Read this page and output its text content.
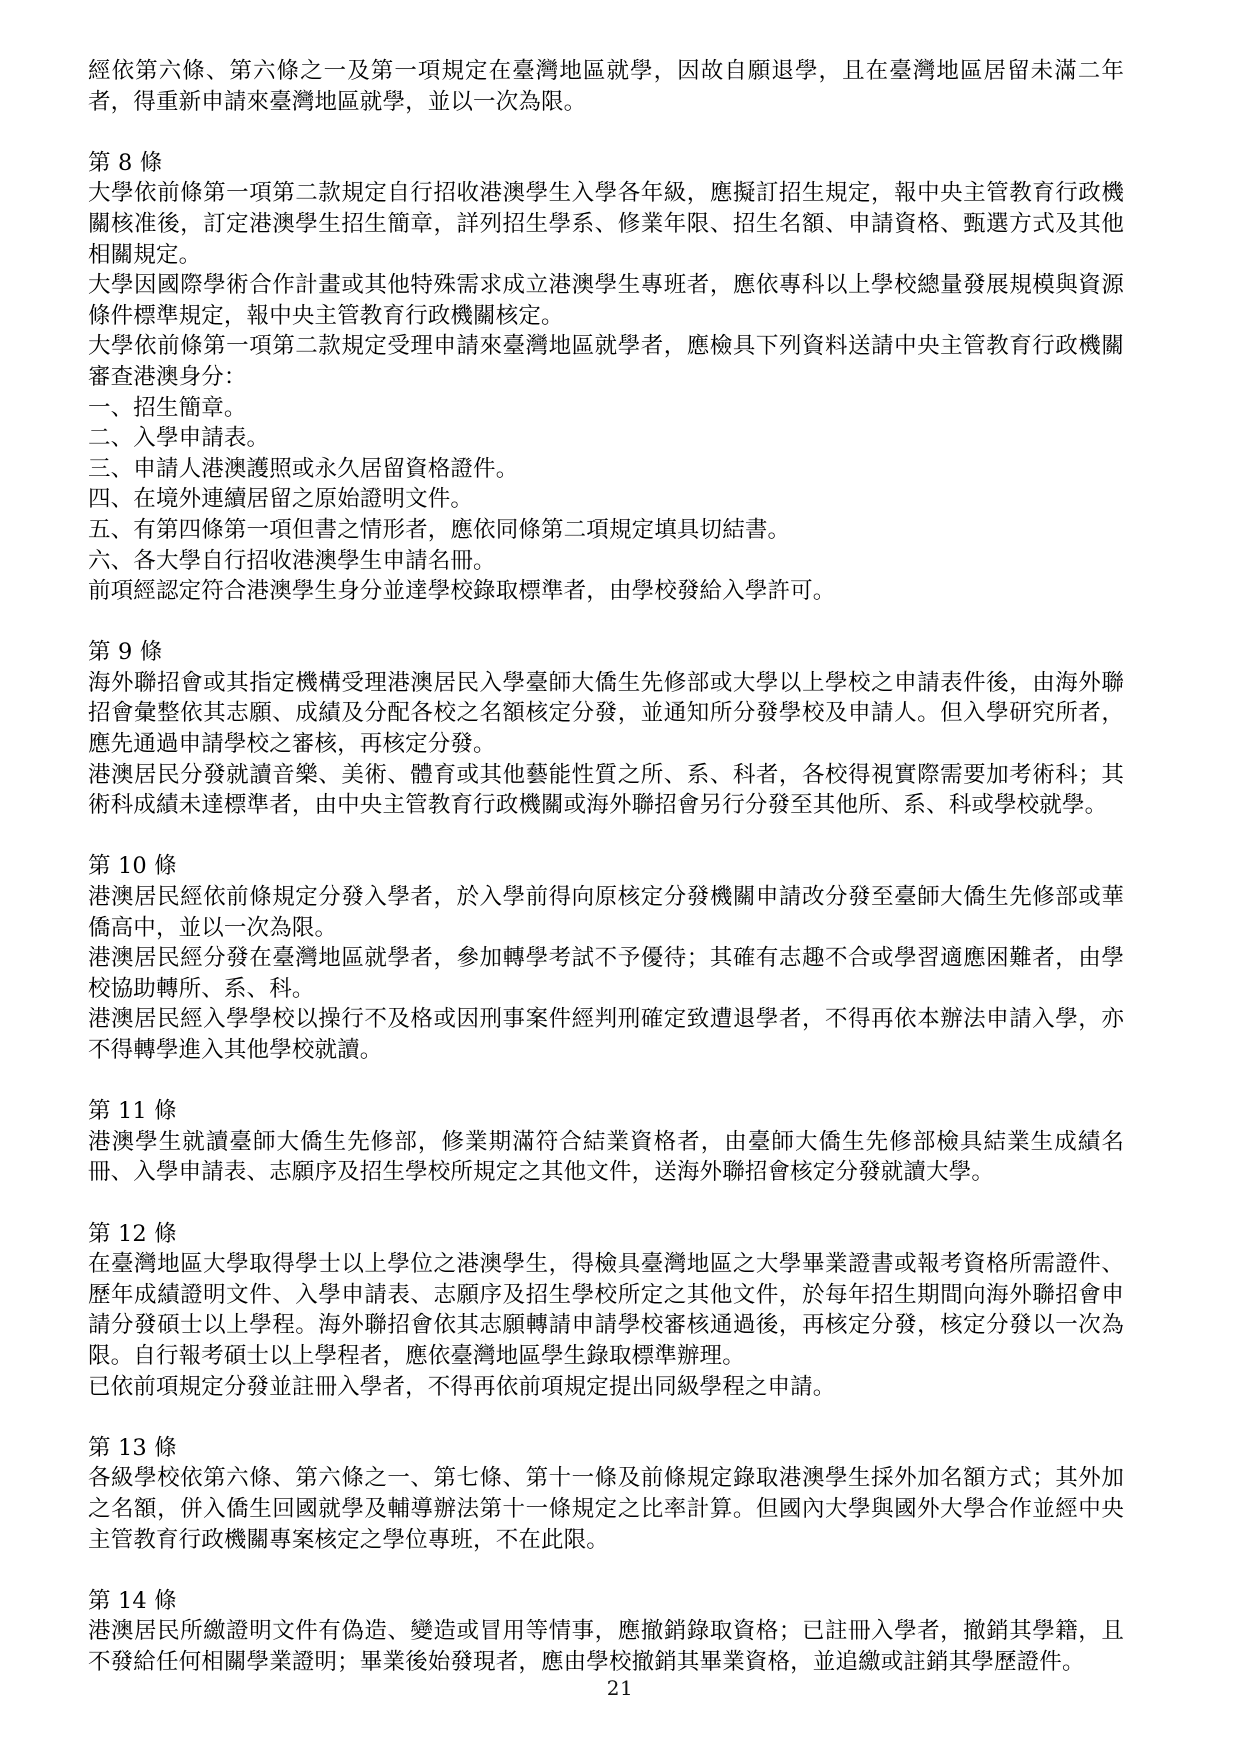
經依第六條、第六條之一及第一項規定在臺灣地區就學，因故自願退學，且在臺灣地區居留未滿二年者，得重新申請來臺灣地區就學，並以一次為限。

第 8 條

大學依前條第一項第二款規定自行招收港澳學生入學各年級，應擬訂招生規定，報中央主管教育行政機關核准後，訂定港澳學生招生簡章，詳列招生學系、修業年限、招生名額、申請資格、甄選方式及其他相關規定。

大學因國際學術合作計畫或其他特殊需求成立港澳學生專班者，應依專科以上學校總量發展規模與資源條件標準規定，報中央主管教育行政機關核定。

大學依前條第一項第二款規定受理申請來臺灣地區就學者，應檢具下列資料送請中央主管教育行政機關審查港澳身分：

一、招生簡章。

二、入學申請表。

三、申請人港澳護照或永久居留資格證件。

四、在境外連續居留之原始證明文件。

五、有第四條第一項但書之情形者，應依同條第二項規定填具切結書。

六、各大學自行招收港澳學生申請名冊。

前項經認定符合港澳學生身分並達學校錄取標準者，由學校發給入學許可。

第 9 條

海外聯招會或其指定機構受理港澳居民入學臺師大僑生先修部或大學以上學校之申請表件後，由海外聯招會彙整依其志願、成績及分配各校之名額核定分發，並通知所分發學校及申請人。但入學研究所者，應先通過申請學校之審核，再核定分發。

港澳居民分發就讀音樂、美術、體育或其他藝能性質之所、系、科者，各校得視實際需要加考術科；其術科成績未達標準者，由中央主管教育行政機關或海外聯招會另行分發至其他所、系、科或學校就學。

第 10 條

港澳居民經依前條規定分發入學者，於入學前得向原核定分發機關申請改分發至臺師大僑生先修部或華僑高中，並以一次為限。

港澳居民經分發在臺灣地區就學者，參加轉學考試不予優待；其確有志趣不合或學習適應困難者，由學校協助轉所、系、科。

港澳居民經入學學校以操行不及格或因刑事案件經判刑確定致遭退學者，不得再依本辦法申請入學，亦不得轉學進入其他學校就讀。

第 11 條

港澳學生就讀臺師大僑生先修部，修業期滿符合結業資格者，由臺師大僑生先修部檢具結業生成績名冊、入學申請表、志願序及招生學校所規定之其他文件，送海外聯招會核定分發就讀大學。

第 12 條

在臺灣地區大學取得學士以上學位之港澳學生，得檢具臺灣地區之大學畢業證書或報考資格所需證件、歷年成績證明文件、入學申請表、志願序及招生學校所定之其他文件，於每年招生期間向海外聯招會申請分發碩士以上學程。海外聯招會依其志願轉請申請學校審核通過後，再核定分發，核定分發以一次為限。自行報考碩士以上學程者，應依臺灣地區學生錄取標準辦理。

已依前項規定分發並註冊入學者，不得再依前項規定提出同級學程之申請。

第 13 條

各級學校依第六條、第六條之一、第七條、第十一條及前條規定錄取港澳學生採外加名額方式；其外加之名額，併入僑生回國就學及輔導辦法第十一條規定之比率計算。但國內大學與國外大學合作並經中央主管教育行政機關專案核定之學位專班，不在此限。

第 14 條

港澳居民所繳證明文件有偽造、變造或冒用等情事，應撤銷錄取資格；已註冊入學者，撤銷其學籍，且不發給任何相關學業證明；畢業後始發現者，應由學校撤銷其畢業資格，並追繳或註銷其學歷證件。

21
